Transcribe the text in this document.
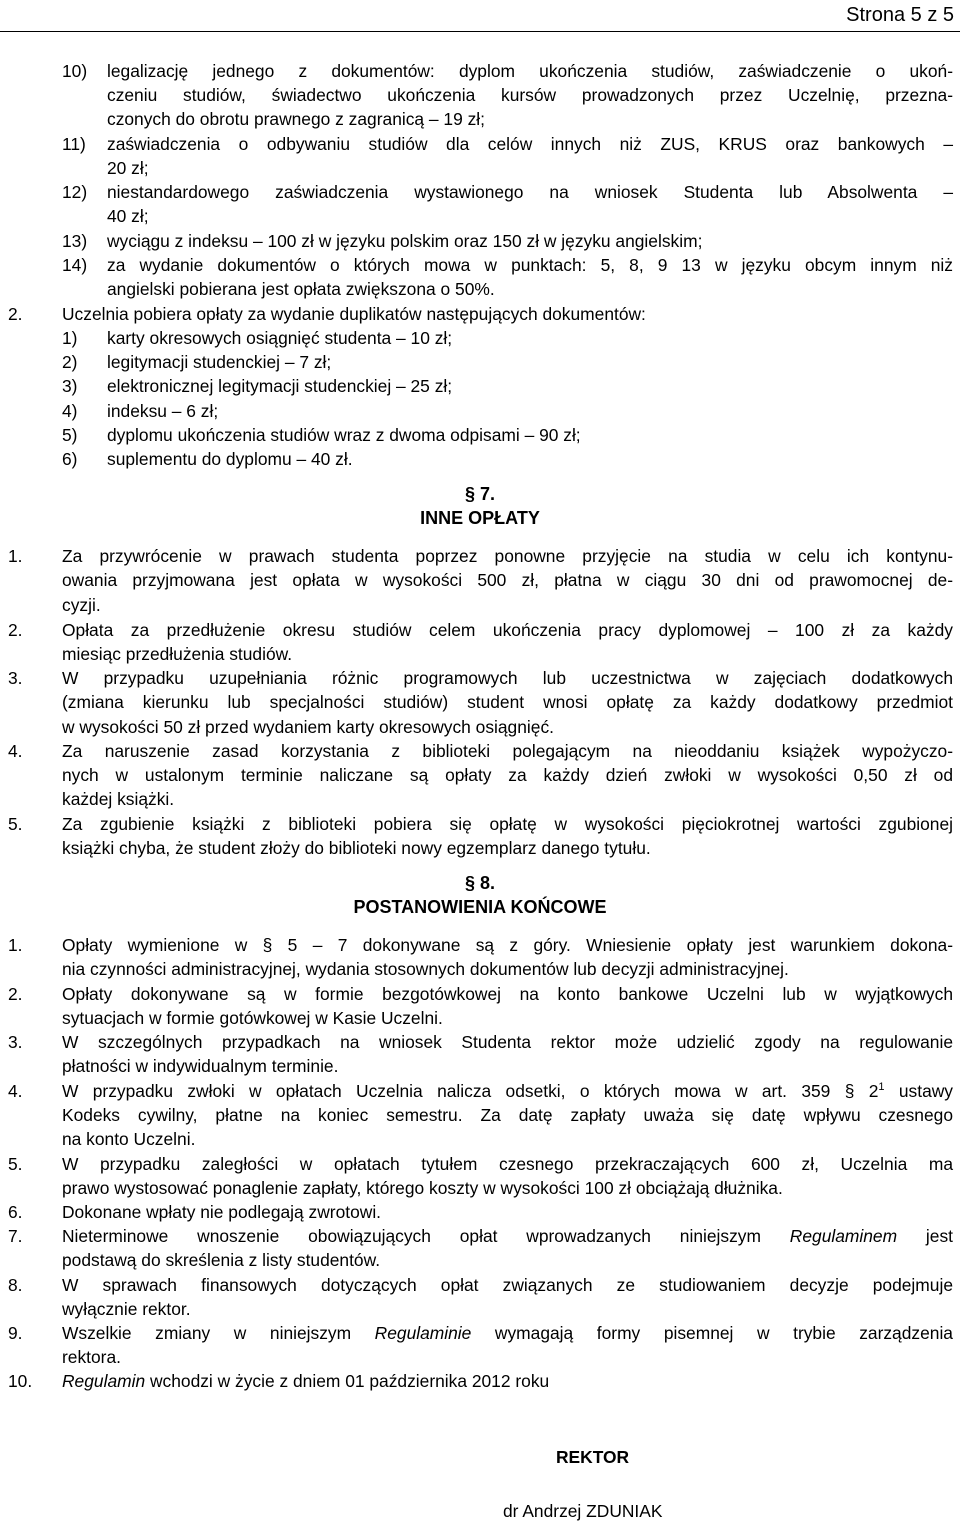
Strona 5 z 5
10) legalizację jednego z dokumentów: dyplom ukończenia studiów, zaświadczenie o ukoń-
czeniu studiów, świadectwo ukończenia kursów prowadzonych przez Uczelnię, przezna-
czonych do obrotu prawnego z zagranicą – 19 zł;
11) zaświadczenia o odbywaniu studiów dla celów innych niż ZUS, KRUS oraz bankowych –
20 zł;
12) niestandardowego zaświadczenia wystawionego na wniosek Studenta lub Absolwenta –
40 zł;
13) wyciągu z indeksu – 100 zł w języku polskim oraz 150 zł w języku angielskim;
14) za wydanie dokumentów o których mowa w punktach: 5, 8, 9 13 w języku obcym innym niż
angielski pobierana jest opłata zwiększona o 50%.
2. Uczelnia pobiera opłaty za wydanie duplikatów następujących dokumentów:
1) karty okresowych osiągnięć studenta – 10 zł;
2) legitymacji studenckiej – 7 zł;
3) elektronicznej legitymacji studenckiej – 25 zł;
4) indeksu – 6 zł;
5) dyplomu ukończenia studiów wraz z dwoma odpisami – 90 zł;
6) suplementu do dyplomu – 40 zł.
§ 7.
INNE OPŁATY
1. Za przywrócenie w prawach studenta poprzez ponowne przyjęcie na studia w celu ich kontynu-
owania przyjmowana jest opłata w wysokości 500 zł, płatna w ciągu 30 dni od prawomocnej de-
cyzji.
2. Opłata za przedłużenie okresu studiów celem ukończenia pracy dyplomowej – 100 zł za każdy
miesiąc przedłużenia studiów.
3. W przypadku uzupełniania różnic programowych lub uczestnictwa w zajęciach dodatkowych
(zmiana kierunku lub specjalności studiów) student wnosi opłatę za każdy dodatkowy przedmiot
w wysokości 50 zł przed wydaniem karty okresowych osiągnięć.
4. Za naruszenie zasad korzystania z biblioteki polegającym na nieoddaniu książek wypożyczo-
nych w ustalonym terminie naliczane są opłaty za każdy dzień zwłoki w wysokości 0,50 zł od
każdej książki.
5. Za zgubienie książki z biblioteki pobiera się opłatę w wysokości pięciokrotnej wartości zgubionej
książki chyba, że student złoży do biblioteki nowy egzemplarz danego tytułu.
§ 8.
POSTANOWIENIA KOŃCOWE
1. Opłaty wymienione w § 5 – 7 dokonywane są z góry. Wniesienie opłaty jest warunkiem dokona-
nia czynności administracyjnej, wydania stosownych dokumentów lub decyzji administracyjnej.
2. Opłaty dokonywane są w formie bezgotówkowej na konto bankowe Uczelni lub w wyjątkowych
sytuacjach w formie gotówkowej w Kasie Uczelni.
3. W szczególnych przypadkach na wniosek Studenta rektor może udzielić zgody na regulowanie
płatności w indywidualnym terminie.
4. W przypadku zwłoki w opłatach Uczelnia nalicza odsetki, o których mowa w art. 359 § $2^1$ ustawy
Kodeks cywilny, płatne na koniec semestru. Za datę zapłaty uważa się datę wpływu czesnego
na konto Uczelni.
5. W przypadku zaległości w opłatach tytułem czesnego przekraczających 600 zł, Uczelnia ma
prawo wystosować ponaglenie zapłaty, którego koszty w wysokości 100 zł obciążają dłużnika.
6. Dokonane wpłaty nie podlegają zwrotowi.
7. Nieterminowe wnoszenie obowiązujących opłat wprowadzanych niniejszym Regulaminem jest
podstawą do skreślenia z listy studentów.
8. W sprawach finansowych dotyczących opłat związanych ze studiowaniem decyzje podejmuje
wyłącznie rektor.
9. Wszelkie zmiany w niniejszym Regulaminie wymagają formy pisemnej w trybie zarządzenia
rektora.
10. Regulamin wchodzi w życie z dniem 01 października 2012 roku
REKTOR
dr Andrzej ZDUNIAK
